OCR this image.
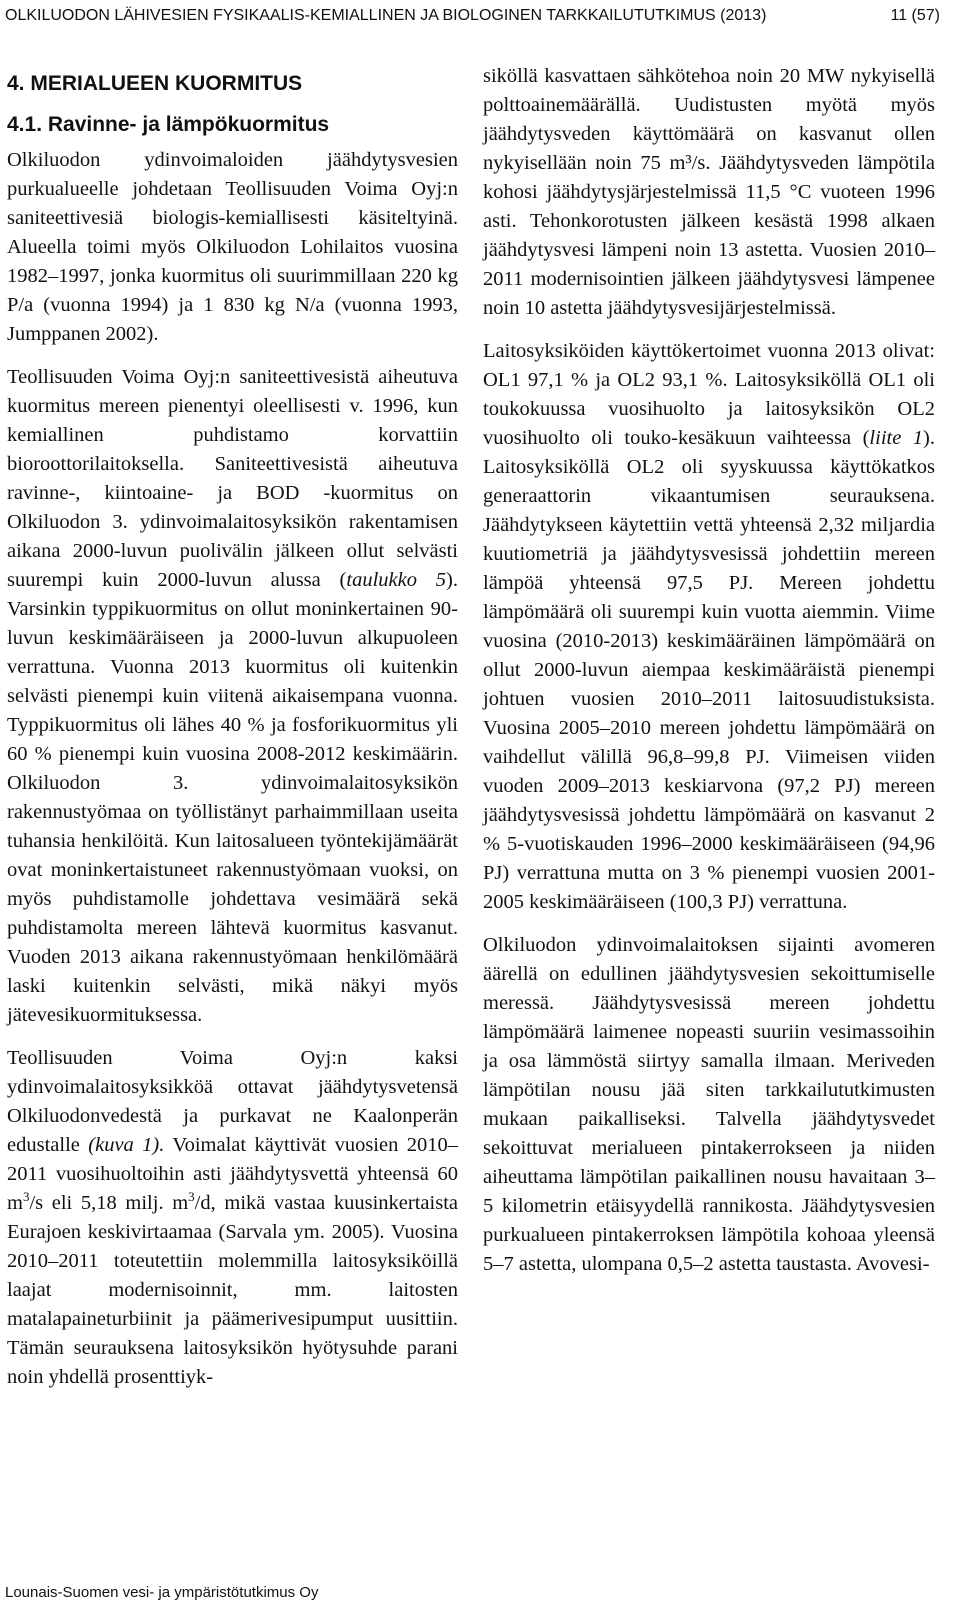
OLKILUODON LÄHIVESIEN FYSIKAALIS-KEMIALLINEN JA BIOLOGINEN TARKKAILUTUTKIMUS (2013)	11 (57)
4. MERIALUEEN KUORMITUS
4.1. Ravinne- ja lämpökuormitus

Olkiluodon ydinvoimaloiden jäähdytysvesien purkualueelle johdetaan Teollisuuden Voima Oyj:n saniteettivesiä biologis-kemiallisesti käsiteltyinä. Alueella toimi myös Olkiluodon Lohilaitos vuosina 1982–1997, jonka kuormitus oli suurimmillaan 220 kg P/a (vuonna 1994) ja 1 830 kg N/a (vuonna 1993, Jumppanen 2002).

Teollisuuden Voima Oyj:n saniteettivesistä aiheutuva kuormitus mereen pienentyi oleellisesti v. 1996, kun kemiallinen puhdistamo korvattiin bioroottorilaitoksella. Saniteettivesistä aiheutuva ravinne-, kiintoaine- ja BOD -kuormitus on Olkiluodon 3. ydinvoimalaitosyksikön rakentamisen aikana 2000-luvun puolivälin jälkeen ollut selvästi suurempi kuin 2000-luvun alussa (taulukko 5). Varsinkin typpikuormitus on ollut moninkertainen 90-luvun keskimääräiseen ja 2000-luvun alkupuoleen verrattuna. Vuonna 2013 kuormitus oli kuitenkin selvästi pienempi kuin viitenä aikaisempana vuonna. Typpikuormitus oli lähes 40 % ja fosforikuormitus yli 60 % pienempi kuin vuosina 2008-2012 keskimäärin. Olkiluodon 3. ydinvoimalaitosyksikön rakennustyömaa on työllistänyt parhaimmillaan useita tuhansia henkilöitä. Kun laitosalueen työntekijämäärät ovat moninkertaistuneet rakennustyömaan vuoksi, on myös puhdistamolle johdettava vesimäärä sekä puhdistamolta mereen lähtevä kuormitus kasvanut. Vuoden 2013 aikana rakennustyömaan henkilömäärä laski kuitenkin selvästi, mikä näkyi myös jätevesikuormituksessa.

Teollisuuden Voima Oyj:n kaksi ydinvoimalaitosyksikköä ottavat jäähdytysvetensä Olkiluodonvedestä ja purkavat ne Kaalonperän edustalle (kuva 1). Voimalat käyttivät vuosien 2010–2011 vuosihuoltoihin asti jäähdytysvettä yhteensä 60 $m^3/s$ eli 5,18 milj. $m^3/d$, mikä vastaa kuusinkertaista Eurajoen keskivirtaamaa (Sarvala ym. 2005). Vuosina 2010–2011 toteutettiin molemmilla laitosyksiköillä laajat modernisoinnit, mm. laitosten matalapaineturbiinit ja päämerivesipumput uusittiin. Tämän seurauksena laitosyksikön hyötysuhde parani noin yhdellä prosenttiyk-

siköllä kasvattaen sähkötehoa noin 20 MW nykyisellä polttoainemäärällä. Uudistusten myötä myös jäähdytysveden käyttömäärä on kasvanut ollen nykyisellään noin 75 m³/s. Jäähdytysveden lämpötila kohosi jäähdytysjärjestelmissä 11,5 °C vuoteen 1996 asti. Tehonkorotusten jälkeen kesästä 1998 alkaen jäähdytysvesi lämpeni noin 13 astetta. Vuosien 2010–2011 modernisointien jälkeen jäähdytysvesi lämpenee noin 10 astetta jäähdytysvesijärjestelmissä.

Laitosyksiköiden käyttökertoimet vuonna 2013 olivat: OL1 97,1 % ja OL2 93,1 %. Laitosyksiköllä OL1 oli toukokuussa vuosihuolto ja laitosyksikön OL2 vuosihuolto oli touko-kesäkuun vaihteessa (liite 1). Laitosyksiköllä OL2 oli syyskuussa käyttökatkos generaattorin vikaantumisen seurauksena. Jäähdytykseen käytettiin vettä yhteensä 2,32 miljardia kuutiometriä ja jäähdytysvesissä johdettiin mereen lämpöä yhteensä 97,5 PJ. Mereen johdettu lämpömäärä oli suurempi kuin vuotta aiemmin. Viime vuosina (2010-2013) keskimääräinen lämpömäärä on ollut 2000-luvun aiempaa keskimääräistä pienempi johtuen vuosien 2010–2011 laitosuudistuksista. Vuosina 2005–2010 mereen johdettu lämpömäärä on vaihdellut välillä 96,8–99,8 PJ. Viimeisen viiden vuoden 2009–2013 keskiarvona (97,2 PJ) mereen jäähdytysvesissä johdettu lämpömäärä on kasvanut 2 % 5-vuotiskauden 1996–2000 keskimääräiseen (94,96 PJ) verrattuna mutta on 3 % pienempi vuosien 2001-2005 keskimääräiseen (100,3 PJ) verrattuna.

Olkiluodon ydinvoimalaitoksen sijainti avomeren äärellä on edullinen jäähdytysvesien sekoittumiselle meressä. Jäähdytysvesissä mereen johdettu lämpömäärä laimenee nopeasti suuriin vesimassoihin ja osa lämmöstä siirtyy samalla ilmaan. Meriveden lämpötilan nousu jää siten tarkkailututkimusten mukaan paikalliseksi. Talvella jäähdytysvedet sekoittuvat merialueen pintakerrokseen ja niiden aiheuttama lämpötilan paikallinen nousu havaitaan 3–5 kilometrin etäisyydellä rannikosta. Jäähdytysvesien purkualueen pintakerroksen lämpötila kohoaa yleensä 5–7 astetta, ulompana 0,5–2 astetta taustasta. Avovesi-

Lounais-Suomen vesi- ja ympäristötutkimus Oy
